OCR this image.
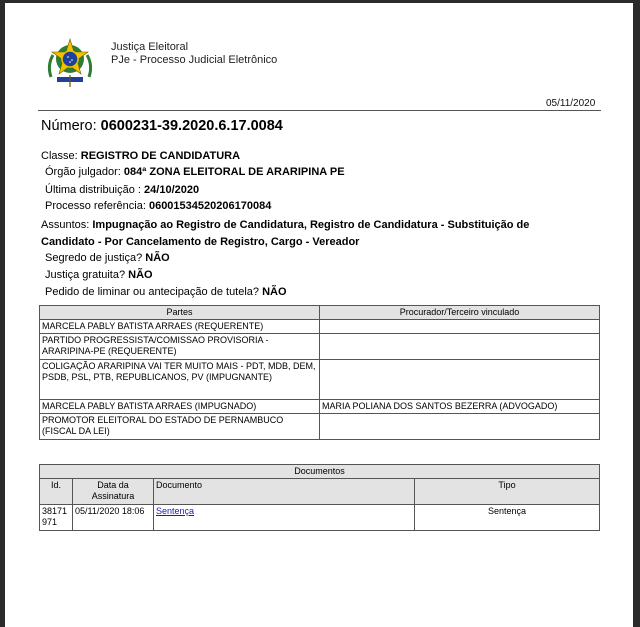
Justiça Eleitoral
PJe - Processo Judicial Eletrônico
05/11/2020
Número: 0600231-39.2020.6.17.0084
Classe: REGISTRO DE CANDIDATURA
Órgão julgador: 084ª ZONA ELEITORAL DE ARARIPINA PE
Última distribuição : 24/10/2020
Processo referência: 06001534520206170084
Assuntos: Impugnação ao Registro de Candidatura, Registro de Candidatura - Substituição de Candidato - Por Cancelamento de Registro, Cargo - Vereador
Segredo de justiça? NÃO
Justiça gratuita? NÃO
Pedido de liminar ou antecipação de tutela? NÃO
Partes	Procurador/Terceiro vinculado
MARCELA PABLY BATISTA ARRAES (REQUERENTE)	
PARTIDO PROGRESSISTA/COMISSAO PROVISORIA - ARARIPINA-PE (REQUERENTE)	
COLIGAÇÃO ARARIPINA VAI TER MUITO MAIS - PDT, MDB, DEM, PSDB, PSL, PTB, REPUBLICANOS, PV (IMPUGNANTE)	
MARCELA PABLY BATISTA ARRAES (IMPUGNADO)	MARIA POLIANA DOS SANTOS BEZERRA (ADVOGADO)
PROMOTOR ELEITORAL DO ESTADO DE PERNAMBUCO (FISCAL DA LEI)	
Documentos			
Id.	Data da Assinatura	Documento	Tipo
38171 971	05/11/2020 18:06	Sentença	Sentença
